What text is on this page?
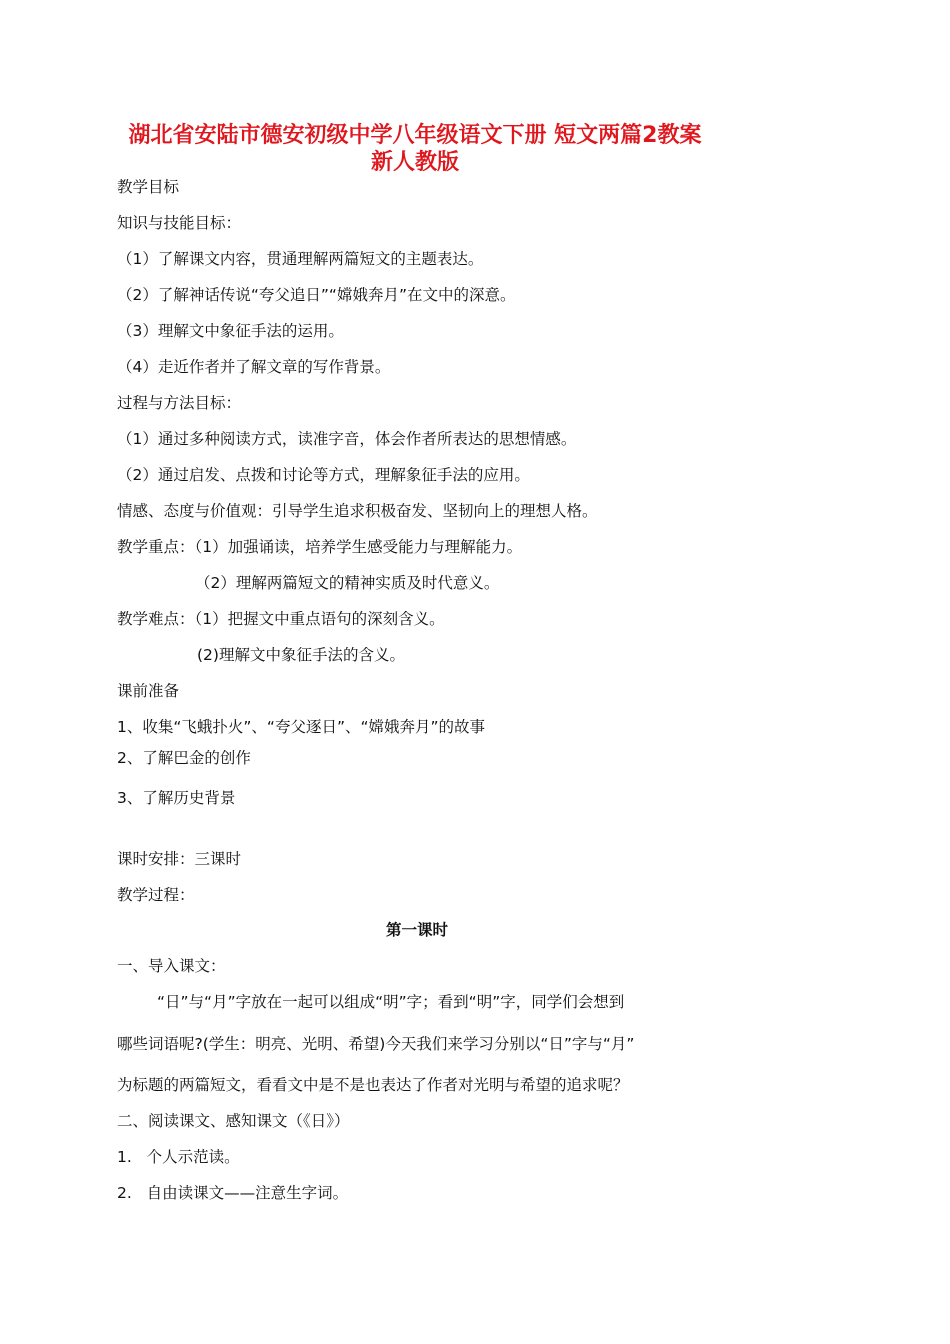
湖北省安陆市德安初级中学八年级语文下册 短文两篇2教案
新人教版
教学目标
知识与技能目标：
（1）了解课文内容，贯通理解两篇短文的主题表达。
（2）了解神话传说“夸父追日”“嫦娥奔月”在文中的深意。
（3）理解文中象征手法的运用。
（4）走近作者并了解文章的写作背景。
过程与方法目标：
（1）通过多种阅读方式，读准字音，体会作者所表达的思想情感。
（2）通过启发、点拨和讨论等方式，理解象征手法的应用。
情感、态度与价值观：引导学生追求积极奋发、坚韧向上的理想人格。
教学重点：（1）加强诵读，培养学生感受能力与理解能力。
（2）理解两篇短文的精神实质及时代意义。
教学难点：（1）把握文中重点语句的深刻含义。
(2)理解文中象征手法的含义。
课前准备
1、收集“飞蛾扑火”、“夸父逐日”、“嫦娥奔月”的故事
2、了解巴金的创作
3、了解历史背景
课时安排：三课时
教学过程：
第一课时
一、导入课文：
“日”与“月”字放在一起可以组成“明”字；看到“明”字，同学们会想到
哪些词语呢?(学生：明亮、光明、希望)今天我们来学习分别以“日”字与“月”
为标题的两篇短文，看看文中是不是也表达了作者对光明与希望的追求呢？
二、阅读课文、感知课文（《日》）
1.   个人示范读。
2.   自由读课文——注意生字词。
